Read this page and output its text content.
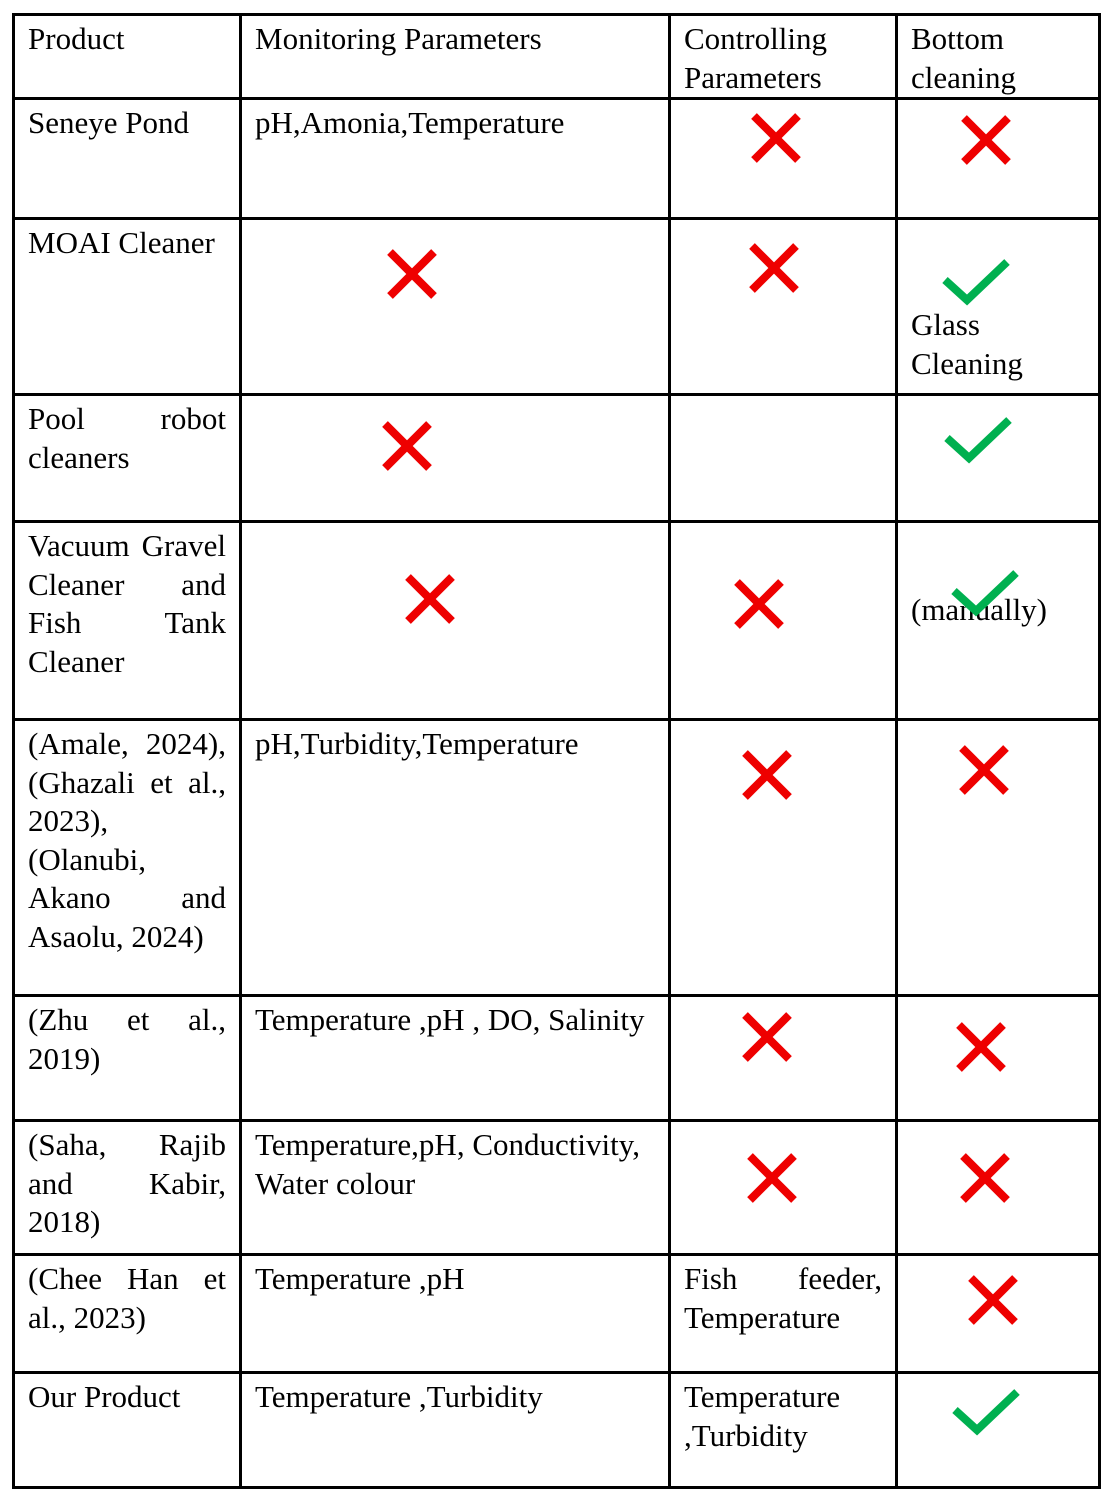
Product	Monitoring Parameters	Controlling Parameters	Bottom cleaning
Seneye Pond	pH,Amonia,Temperature	

MOAI Cleaner			Glass Cleaning

Pool robot cleaners	

Vacuum Gravel Cleaner and Fish Tank Cleaner			(manually)

(Amale, 2024), (Ghazali et al., 2023), (Olanubi, Akano and Asaolu, 2024)	pH,Turbidity,Temperature	

(Zhu et al., 2019)	Temperature ,pH , DO, Salinity	

(Saha, Rajib and Kabir, 2018)	Temperature,pH, Conductivity, Water colour	

(Chee Han et al., 2023)	Temperature ,pH	Fish feeder, Temperature	

Our Product	Temperature ,Turbidity	Temperature ,Turbidity	
